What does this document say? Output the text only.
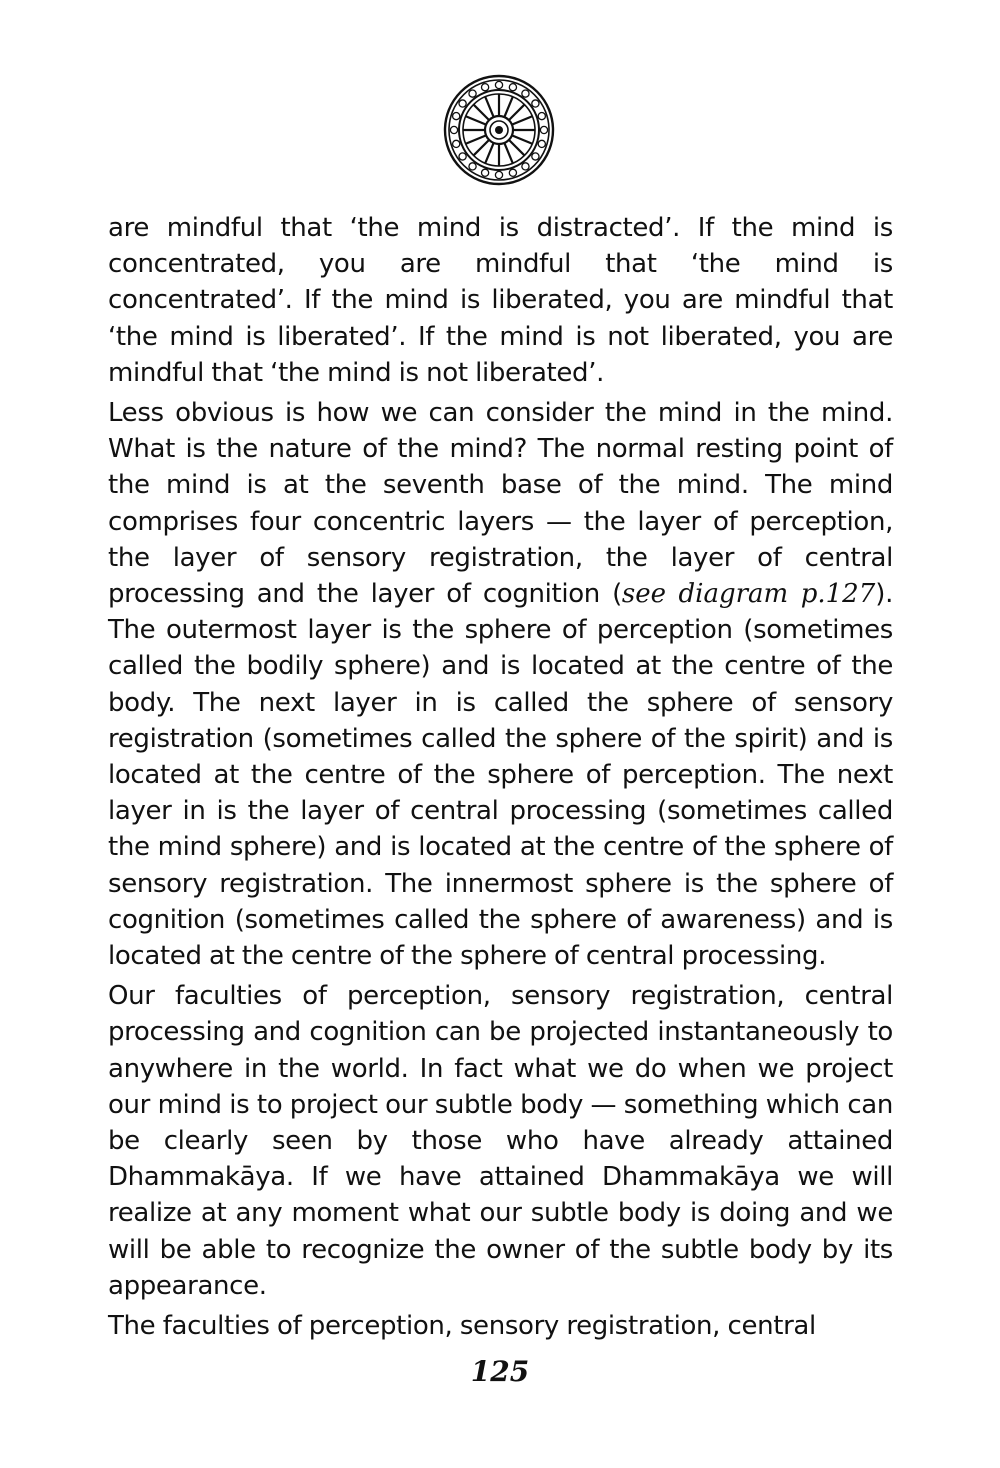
are mindful that ‘the mind is distracted’. If the mind is concentrated, you are mindful that ‘the mind is concentrated’. If the mind is liberated, you are mindful that ‘the mind is liberated’. If the mind is not liberated, you are mindful that ‘the mind is not liberated’.

Less obvious is how we can consider the mind in the mind. What is the nature of the mind? The normal resting point of the mind is at the seventh base of the mind. The mind comprises four concentric layers — the layer of perception, the layer of sensory registration, the layer of central processing and the layer of cognition (see diagram p.127). The outermost layer is the sphere of perception (sometimes called the bodily sphere) and is located at the centre of the body. The next layer in is called the sphere of sensory registration (sometimes called the sphere of the spirit) and is located at the centre of the sphere of perception. The next layer in is the layer of central processing (sometimes called the mind sphere) and is located at the centre of the sphere of sensory registration. The innermost sphere is the sphere of cognition (sometimes called the sphere of awareness) and is located at the centre of the sphere of central processing.

Our faculties of perception, sensory registration, central processing and cognition can be projected instantaneously to anywhere in the world. In fact what we do when we project our mind is to project our subtle body — something which can be clearly seen by those who have already attained Dhammakāya. If we have attained Dhammakāya we will realize at any moment what our subtle body is doing and we will be able to recognize the owner of the subtle body by its appearance.

The faculties of perception, sensory registration, central

125
